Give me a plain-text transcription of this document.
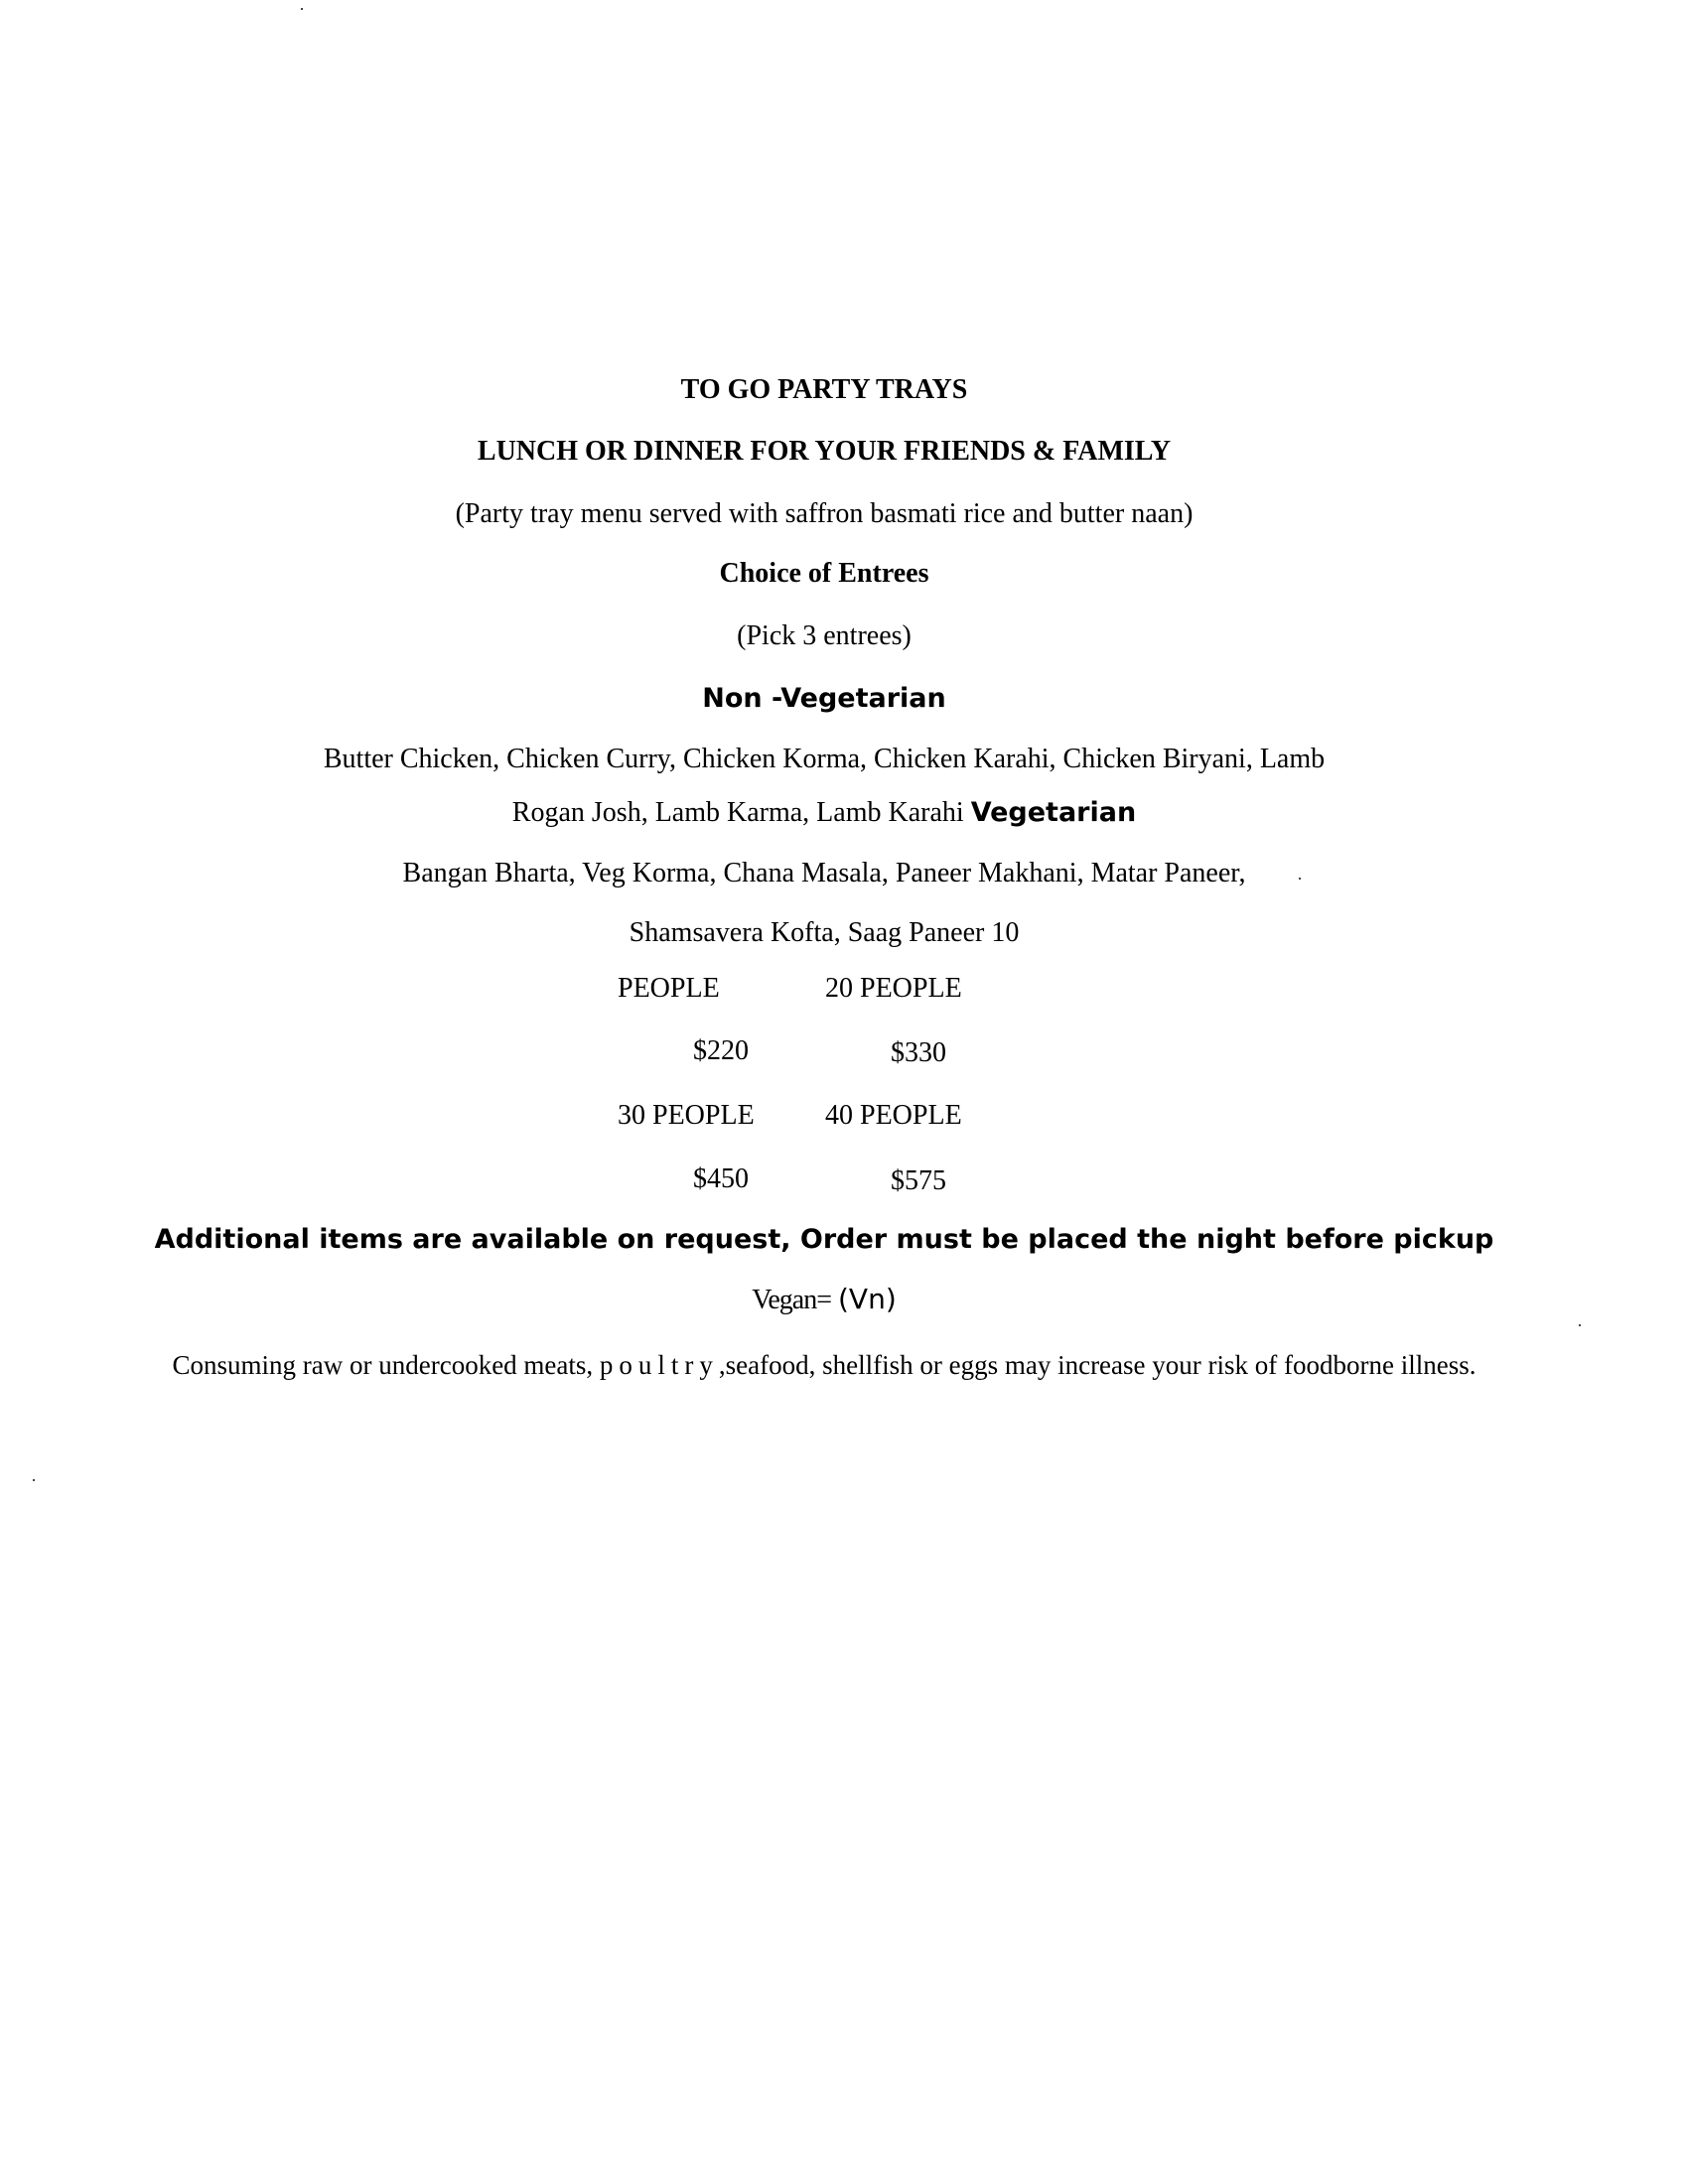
TO GO PARTY TRAYS
LUNCH OR DINNER FOR YOUR FRIENDS & FAMILY
(Party tray menu served with saffron basmati rice and butter naan)
Choice of Entrees
(Pick 3 entrees)
Non -Vegetarian
Butter Chicken, Chicken Curry, Chicken Korma, Chicken Karahi, Chicken Biryani, Lamb
Rogan Josh, Lamb Karma, Lamb Karahi Vegetarian
Bangan Bharta, Veg Korma, Chana Masala, Paneer Makhani, Matar Paneer,
Shamsavera Kofta, Saag Paneer 10
PEOPLE	20 PEOPLE
$220	$330
30 PEOPLE	40 PEOPLE
$450	$575
Additional items are available on request, Order must be placed the night before pickup
Vegan= (Vn)
Consuming raw or undercooked meats, poultry,seafood, shellfish or eggs may increase your risk of foodborne illness.
